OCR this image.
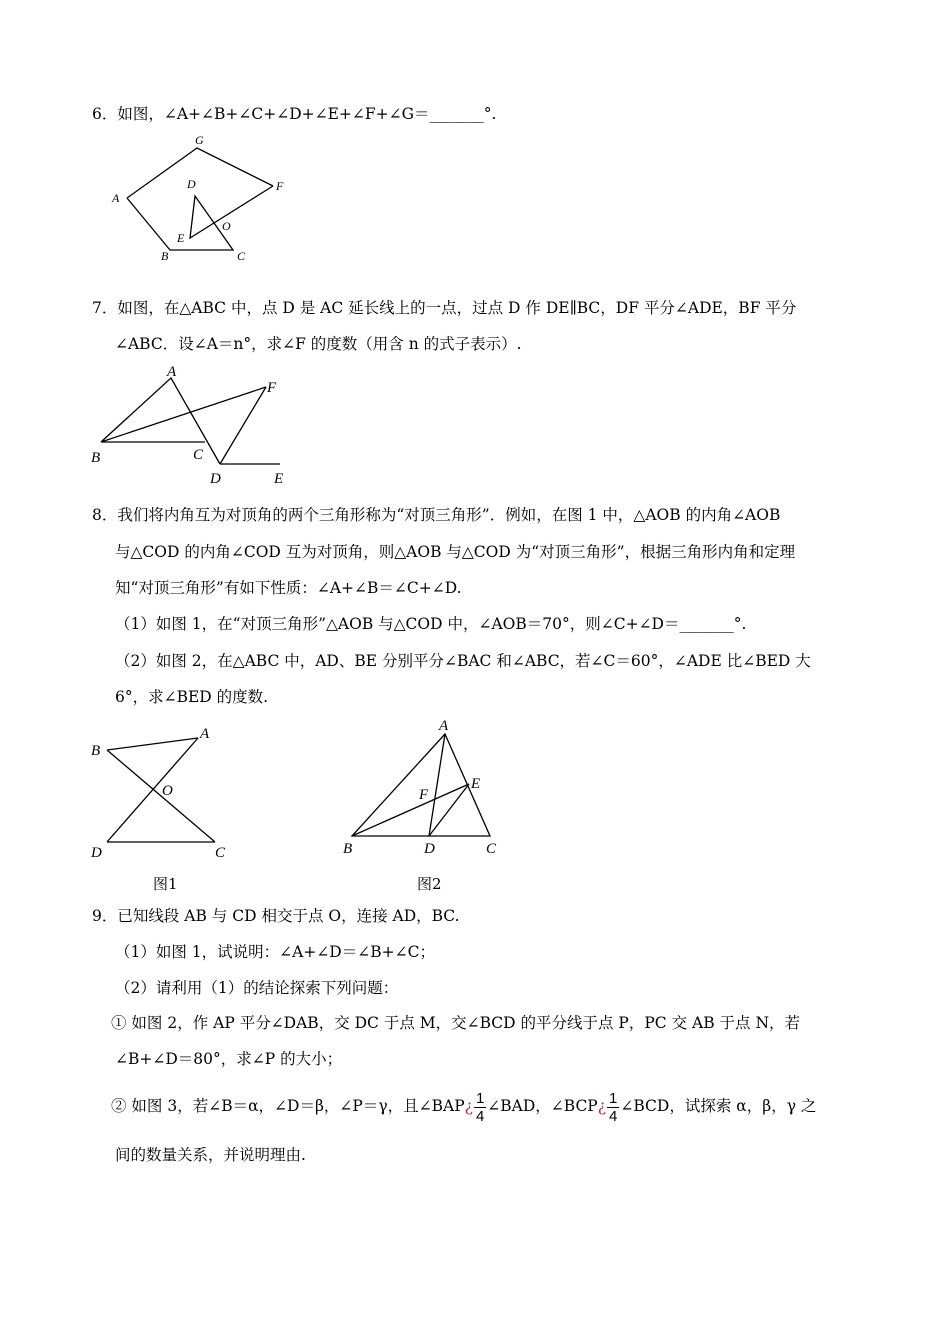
6．如图，∠A+∠B+∠C+∠D+∠E+∠F+∠G＝_______°.
G
A
F
D
O
E
B	C
7．如图，在△ABC 中，点 D 是 AC 延长线上的一点，过点 D 作 DE∥BC，DF 平分∠ADE，BF 平分
∠ABC．设∠A＝n°，求∠F 的度数（用含 n 的式子表示）.
A
F
B	C
D	E
8．我们将内角互为对顶角的两个三角形称为“对顶三角形”．例如，在图 1 中，△AOB 的内角∠AOB
与△COD 的内角∠COD 互为对顶角，则△AOB 与△COD 为“对顶三角形”，根据三角形内角和定理
知“对顶三角形”有如下性质：∠A+∠B＝∠C+∠D.
（1）如图 1，在“对顶三角形”△AOB 与△COD 中，∠AOB＝70°，则∠C+∠D＝_______°.
（2）如图 2，在△ABC 中，AD、BE 分别平分∠BAC 和∠ABC，若∠C＝60°，∠ADE 比∠BED 大
6°，求∠BED 的度数.
B
A
O
D	C
图1
A
E
F
B	D	C
图2
9．已知线段 AB 与 CD 相交于点 O，连接 AD，BC.
（1）如图 1，试说明：∠A+∠D＝∠B+∠C；
（2）请利用（1）的结论探索下列问题：
① 如图 2，作 AP 平分∠DAB，交 DC 于点 M，交∠BCD 的平分线于点 P，PC 交 AB 于点 N，若
∠B+∠D＝80°，求∠P 的大小；
② 如图 3，若∠B＝α，∠D＝β，∠P＝γ，且∠BAP¿ $\frac{1}{4}$ ∠BAD，∠BCP¿ $\frac{1}{4}$ ∠BCD，试探索 α，β，γ 之
间的数量关系，并说明理由.
